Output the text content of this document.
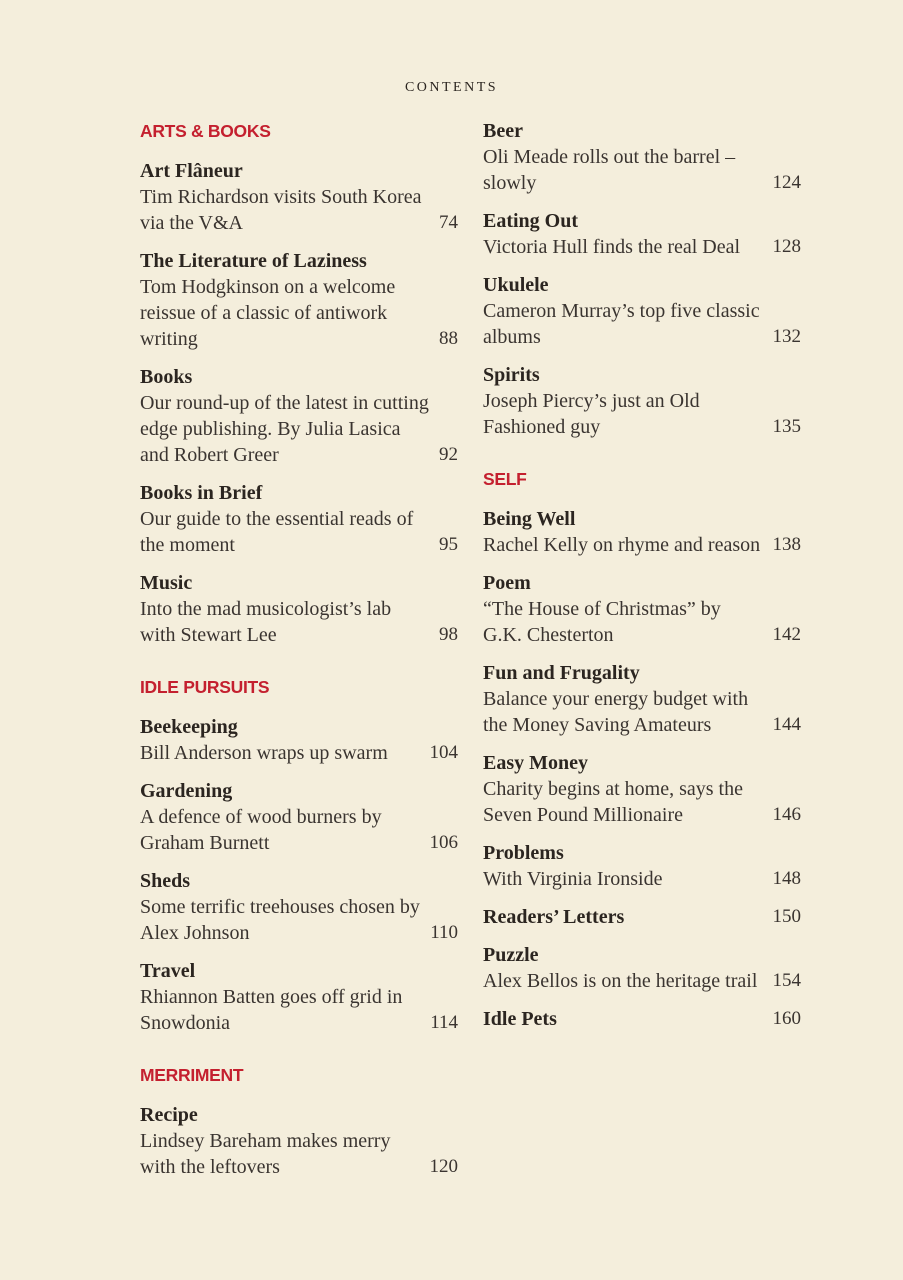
CONTENTS
ARTS & BOOKS
Art Flâneur
Tim Richardson visits South Korea via the V&A	74
The Literature of Laziness
Tom Hodgkinson on a welcome reissue of a classic of antiwork writing	88
Books
Our round-up of the latest in cutting edge publishing. By Julia Lasica and Robert Greer	92
Books in Brief
Our guide to the essential reads of the moment	95
Music
Into the mad musicologist’s lab with Stewart Lee	98
IDLE PURSUITS
Beekeeping
Bill Anderson wraps up swarm	104
Gardening
A defence of wood burners by Graham Burnett	106
Sheds
Some terrific treehouses chosen by Alex Johnson	110
Travel
Rhiannon Batten goes off grid in Snowdonia	114
MERRIMENT
Recipe
Lindsey Bareham makes merry with the leftovers	120
Beer
Oli Meade rolls out the barrel – slowly	124
Eating Out
Victoria Hull finds the real Deal	128
Ukulele
Cameron Murray’s top five classic albums	132
Spirits
Joseph Piercy’s just an Old Fashioned guy	135
SELF
Being Well
Rachel Kelly on rhyme and reason 138
Poem
“The House of Christmas” by G.K. Chesterton	142
Fun and Frugality
Balance your energy budget with the Money Saving Amateurs	144
Easy Money
Charity begins at home, says the Seven Pound Millionaire	146
Problems
With Virginia Ironside	148
Readers’ Letters	150
Puzzle
Alex Bellos is on the heritage trail 154
Idle Pets	160
